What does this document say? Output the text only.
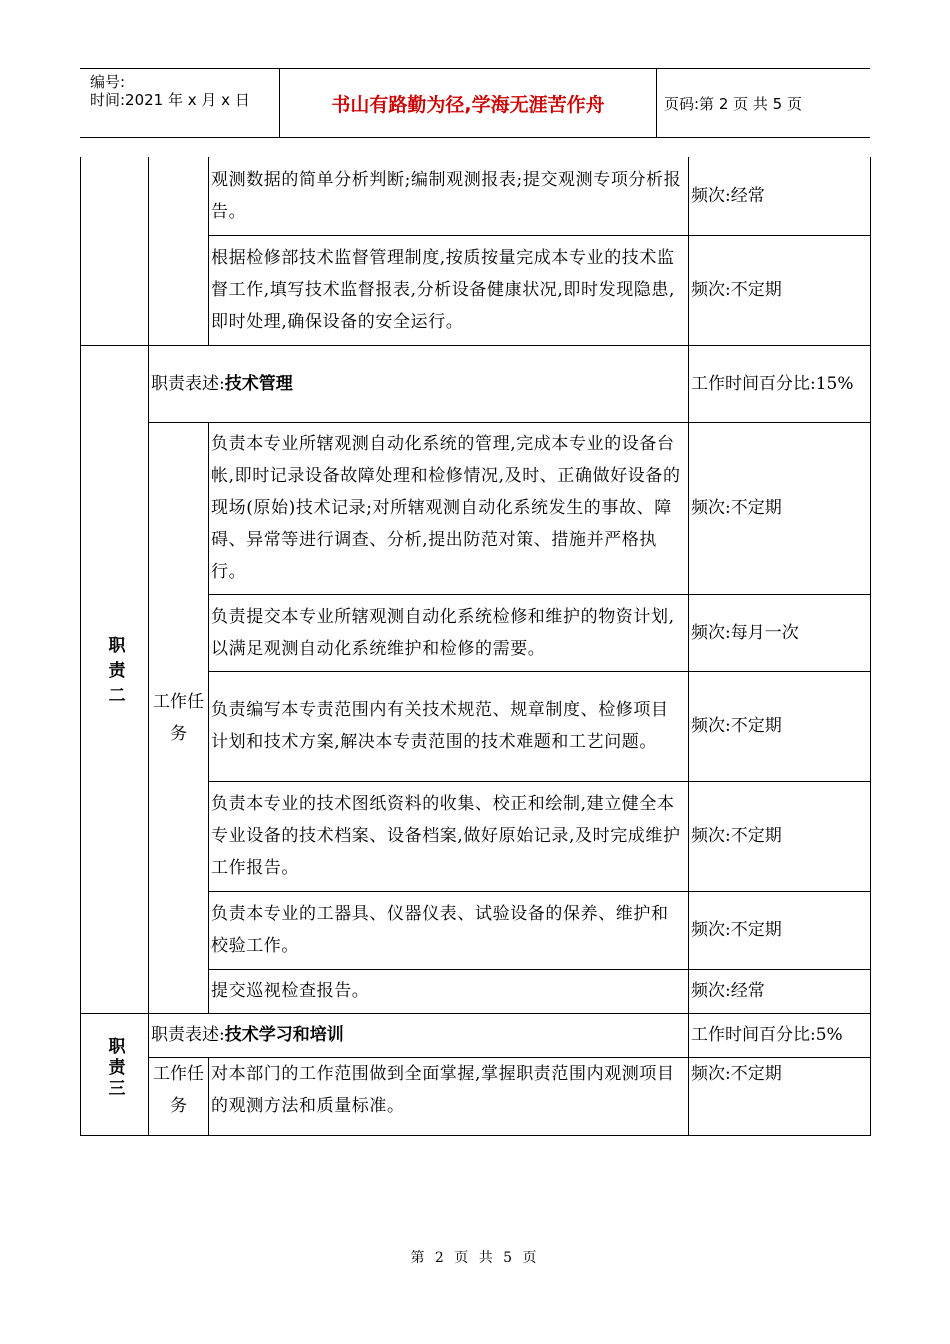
编号:
时间:2021 年 x 月 x 日	书山有路勤为径,学海无涯苦作舟	页码:第 2 页 共 5 页
		观测数据的简单分析判断;编制观测报表;提交观测专项分析报告。	频次:经常
		根据检修部技术监督管理制度,按质按量完成本专业的技术监督工作,填写技术监督报表,分析设备健康状况,即时发现隐患,即时处理,确保设备的安全运行。	频次:不定期
职责二	职责表述:技术管理		工作时间百分比:15%
	工作任务	负责本专业所辖观测自动化系统的管理,完成本专业的设备台帐,即时记录设备故障处理和检修情况,及时、正确做好设备的现场(原始)技术记录;对所辖观测自动化系统发生的事故、障碍、异常等进行调查、分析,提出防范对策、措施并严格执行。	频次:不定期
		负责提交本专业所辖观测自动化系统检修和维护的物资计划,以满足观测自动化系统维护和检修的需要。	频次:每月一次
		负责编写本专责范围内有关技术规范、规章制度、检修项目计划和技术方案,解决本专责范围的技术难题和工艺问题。	频次:不定期
		负责本专业的技术图纸资料的收集、校正和绘制,建立健全本专业设备的技术档案、设备档案,做好原始记录,及时完成维护工作报告。	频次:不定期
		负责本专业的工器具、仪器仪表、试验设备的保养、维护和校验工作。	频次:不定期
		提交巡视检查报告。	频次:经常
职责三	职责表述:技术学习和培训		工作时间百分比:5%
	工作任务	对本部门的工作范围做到全面掌握,掌握职责范围内观测项目的观测方法和质量标准。	频次:不定期
第 2 页 共 5 页
